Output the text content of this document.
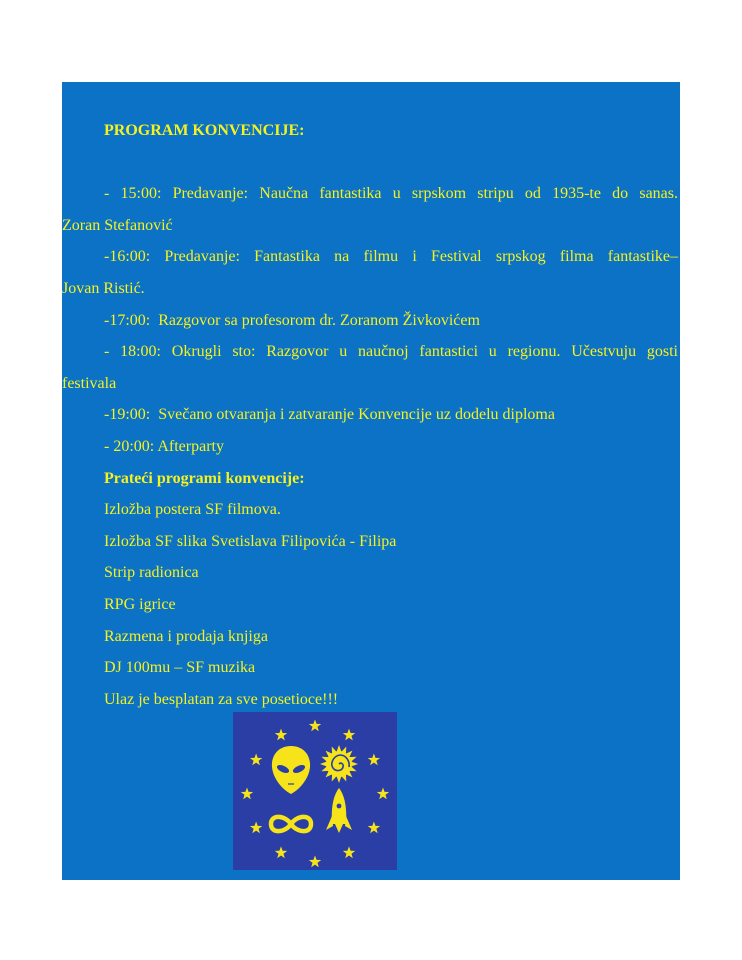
PROGRAM KONVENCIJE:
- 15:00: Predavanje: Naučna fantastika u srpskom stripu od 1935-te do sanas.
Zoran Stefanović
-16:00: Predavanje: Fantastika na filmu i Festival srpskog filma fantastike–
Jovan Ristić.
-17:00:  Razgovor sa profesorom dr. Zoranom Živkovićem
- 18:00: Okrugli sto: Razgovor u naučnoj fantastici u regionu. Učestvuju gosti
festivala
-19:00:  Svečano otvaranja i zatvaranje Konvencije uz dodelu diploma
- 20:00: Afterparty
Prateći programi konvencije:
Izložba postera SF filmova.
Izložba SF slika Svetislava Filipovića - Filipa
Strip radionica
RPG igrice
Razmena i prodaja knjiga
DJ 100mu – SF muzika
Ulaz je besplatan za sve posetioce!!!
